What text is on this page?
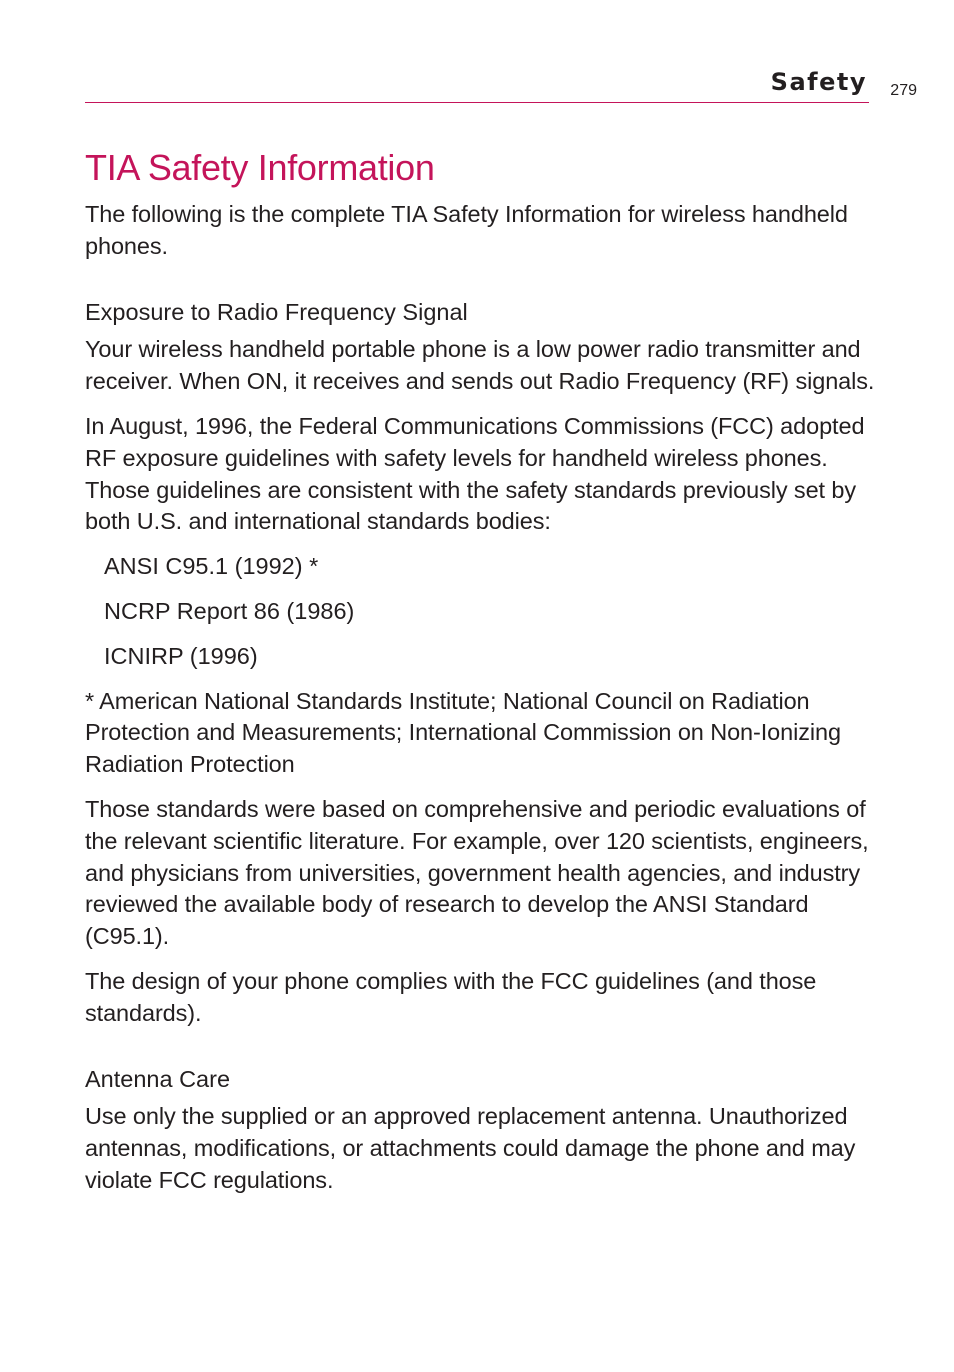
Safety 279
TIA Safety Information

The following is the complete TIA Safety Information for wireless handheld phones.

Exposure to Radio Frequency Signal

Your wireless handheld portable phone is a low power radio transmitter and receiver. When ON, it receives and sends out Radio Frequency (RF) signals.

In August, 1996, the Federal Communications Commissions (FCC) adopted RF exposure guidelines with safety levels for handheld wireless phones. Those guidelines are consistent with the safety standards previously set by both U.S. and international standards bodies:

ANSI C95.1 (1992) *
NCRP Report 86 (1986)
ICNIRP (1996)

* American National Standards Institute; National Council on Radiation Protection and Measurements; International Commission on Non-Ionizing Radiation Protection

Those standards were based on comprehensive and periodic evaluations of the relevant scientific literature. For example, over 120 scientists, engineers, and physicians from universities, government health agencies, and industry reviewed the available body of research to develop the ANSI Standard (C95.1).

The design of your phone complies with the FCC guidelines (and those standards).

Antenna Care

Use only the supplied or an approved replacement antenna. Unauthorized antennas, modifications, or attachments could damage the phone and may violate FCC regulations.
